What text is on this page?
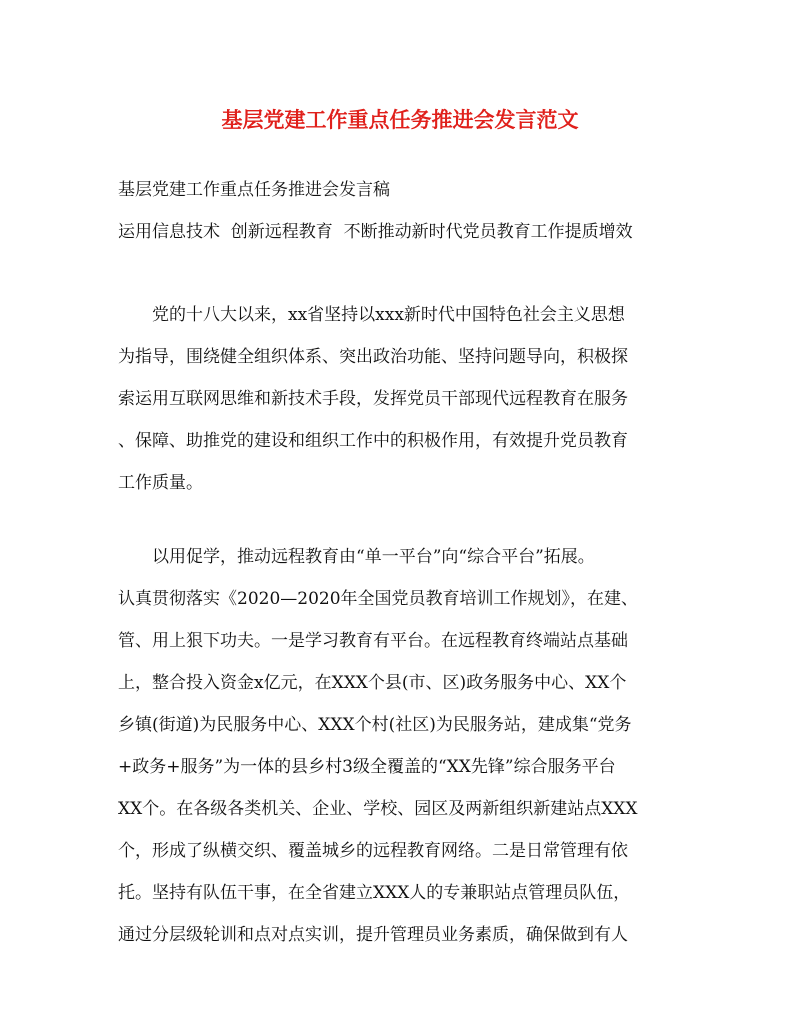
基层党建工作重点任务推进会发言范文

基层党建工作重点任务推进会发言稿

运用信息技术  创新远程教育  不断推动新时代党员教育工作提质增效

党的十八大以来，xx省坚持以xxx新时代中国特色社会主义思想

为指导，围绕健全组织体系、突出政治功能、坚持问题导向，积极探

索运用互联网思维和新技术手段，发挥党员干部现代远程教育在服务

、保障、助推党的建设和组织工作中的积极作用，有效提升党员教育

工作质量。

以用促学，推动远程教育由“单一平台”向“综合平台”拓展。

认真贯彻落实《2020—2020年全国党员教育培训工作规划》，在建、

管、用上狠下功夫。一是学习教育有平台。在远程教育终端站点基础

上，整合投入资金x亿元，在XXX个县(市、区)政务服务中心、XX个

乡镇(街道)为民服务中心、XXX个村(社区)为民服务站，建成集“党务

+政务+服务”为一体的县乡村3级全覆盖的“XX先锋”综合服务平台

XX个。在各级各类机关、企业、学校、园区及两新组织新建站点XXX

个，形成了纵横交织、覆盖城乡的远程教育网络。二是日常管理有依

托。坚持有队伍干事，在全省建立XXX人的专兼职站点管理员队伍，

通过分层级轮训和点对点实训，提升管理员业务素质，确保做到有人
